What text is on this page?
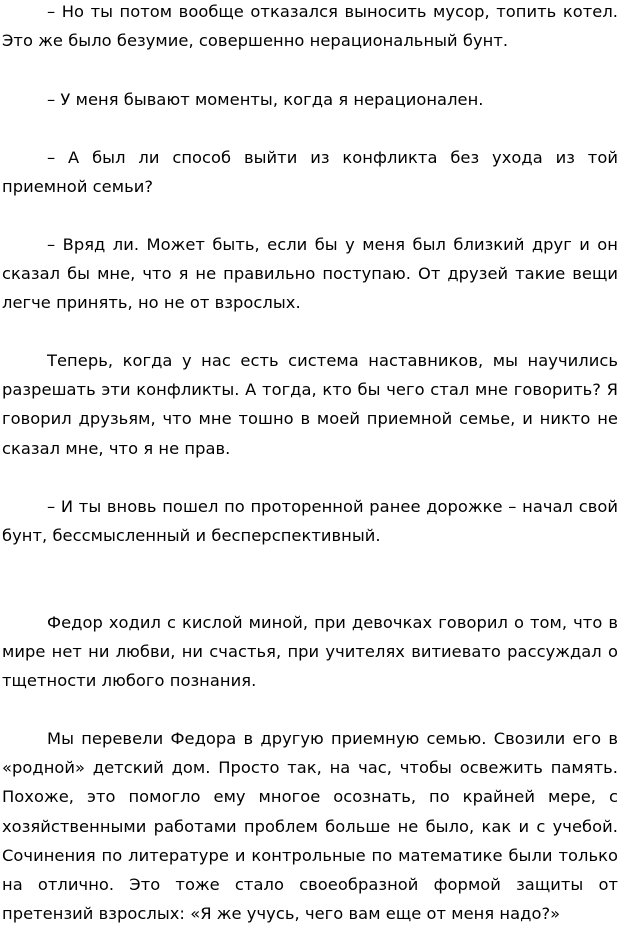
– Но ты потом вообще отказался выносить мусор, топить котел. Это же было безумие, совершенно нерациональный бунт.

– У меня бывают моменты, когда я нерационален.

– А был ли способ выйти из конфликта без ухода из той приемной семьи?

– Вряд ли. Может быть, если бы у меня был близкий друг и он сказал бы мне, что я не правильно поступаю. От друзей такие вещи легче принять, но не от взрослых.

Теперь, когда у нас есть система наставников, мы научились разрешать эти конфликты. А тогда, кто бы чего стал мне говорить? Я говорил друзьям, что мне тошно в моей приемной семье, и никто не сказал мне, что я не прав.

– И ты вновь пошел по проторенной ранее дорожке – начал свой бунт, бессмысленный и бесперспективный.

Федор ходил с кислой миной, при девочках говорил о том, что в мире нет ни любви, ни счастья, при учителях витиевато рассуждал о тщетности любого познания.

Мы перевели Федора в другую приемную семью. Свозили его в «родной» детский дом. Просто так, на час, чтобы освежить память. Похоже, это помогло ему многое осознать, по крайней мере, с хозяйственными работами проблем больше не было, как и с учебой. Сочинения по литературе и контрольные по математике были только на отлично. Это тоже стало своеобразной формой защиты от претензий взрослых: «Я же учусь, чего вам еще от меня надо?»
